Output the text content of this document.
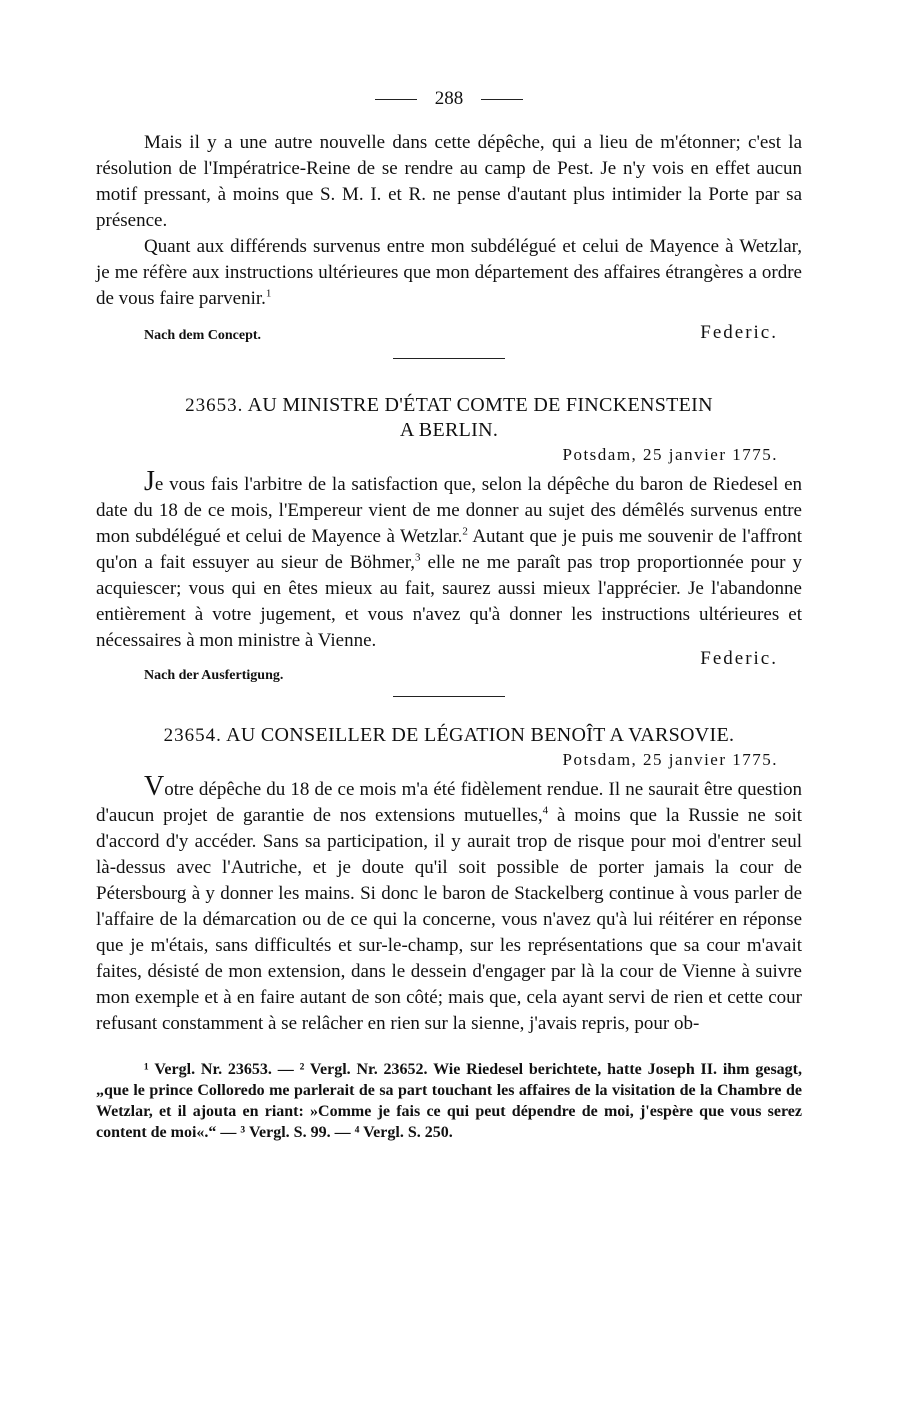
288

Mais il y a une autre nouvelle dans cette dépêche, qui a lieu de m'étonner; c'est la résolution de l'Impératrice-Reine de se rendre au camp de Pest. Je n'y vois en effet aucun motif pressant, à moins que S. M. I. et R. ne pense d'autant plus intimider la Porte par sa présence.

Quant aux différends survenus entre mon subdélégué et celui de Mayence à Wetzlar, je me réfère aux instructions ultérieures que mon département des affaires étrangères a ordre de vous faire parvenir.$^1$

Nach dem Concept.	Federic.
23653. AU MINISTRE D'ÉTAT COMTE DE FINCKENSTEIN
A BERLIN.
Potsdam, 25 janvier 1775.

Je vous fais l'arbitre de la satisfaction que, selon la dépêche du baron de Riedesel en date du 18 de ce mois, l'Empereur vient de me donner au sujet des démêlés survenus entre mon subdélégué et celui de Mayence à Wetzlar.$^2$ Autant que je puis me souvenir de l'affront qu'on a fait essuyer au sieur de Böhmer,$^3$ elle ne me paraît pas trop proportionnée pour y acquiescer; vous qui en êtes mieux au fait, saurez aussi mieux l'apprécier. Je l'abandonne entièrement à votre jugement, et vous n'avez qu'à donner les instructions ultérieures et nécessaires à mon ministre à Vienne.

Nach der Ausfertigung.
Federic.
23654. AU CONSEILLER DE LÉGATION BENOÎT A VARSOVIE.
Potsdam, 25 janvier 1775.

Votre dépêche du 18 de ce mois m'a été fidèlement rendue. Il ne saurait être question d'aucun projet de garantie de nos extensions mutuelles,$^4$ à moins que la Russie ne soit d'accord d'y accéder. Sans sa participation, il y aurait trop de risque pour moi d'entrer seul là-dessus avec l'Autriche, et je doute qu'il soit possible de porter jamais la cour de Pétersbourg à y donner les mains. Si donc le baron de Stackelberg continue à vous parler de l'affaire de la démarcation ou de ce qui la concerne, vous n'avez qu'à lui réitérer en réponse que je m'étais, sans difficultés et sur-le-champ, sur les représentations que sa cour m'avait faites, désisté de mon extension, dans le dessein d'engager par là la cour de Vienne à suivre mon exemple et à en faire autant de son côté; mais que, cela ayant servi de rien et cette cour refusant constamment à se relâcher en rien sur la sienne, j'avais repris, pour ob-

¹ Vergl. Nr. 23653. — ² Vergl. Nr. 23652. Wie Riedesel berichtete, hatte Joseph II. ihm gesagt, „que le prince Colloredo me parlerait de sa part touchant les affaires de la visitation de la Chambre de Wetzlar, et il ajouta en riant: »Comme je fais ce qui peut dépendre de moi, j'espère que vous serez content de moi«.“ — ³ Vergl. S. 99. — ⁴ Vergl. S. 250.
